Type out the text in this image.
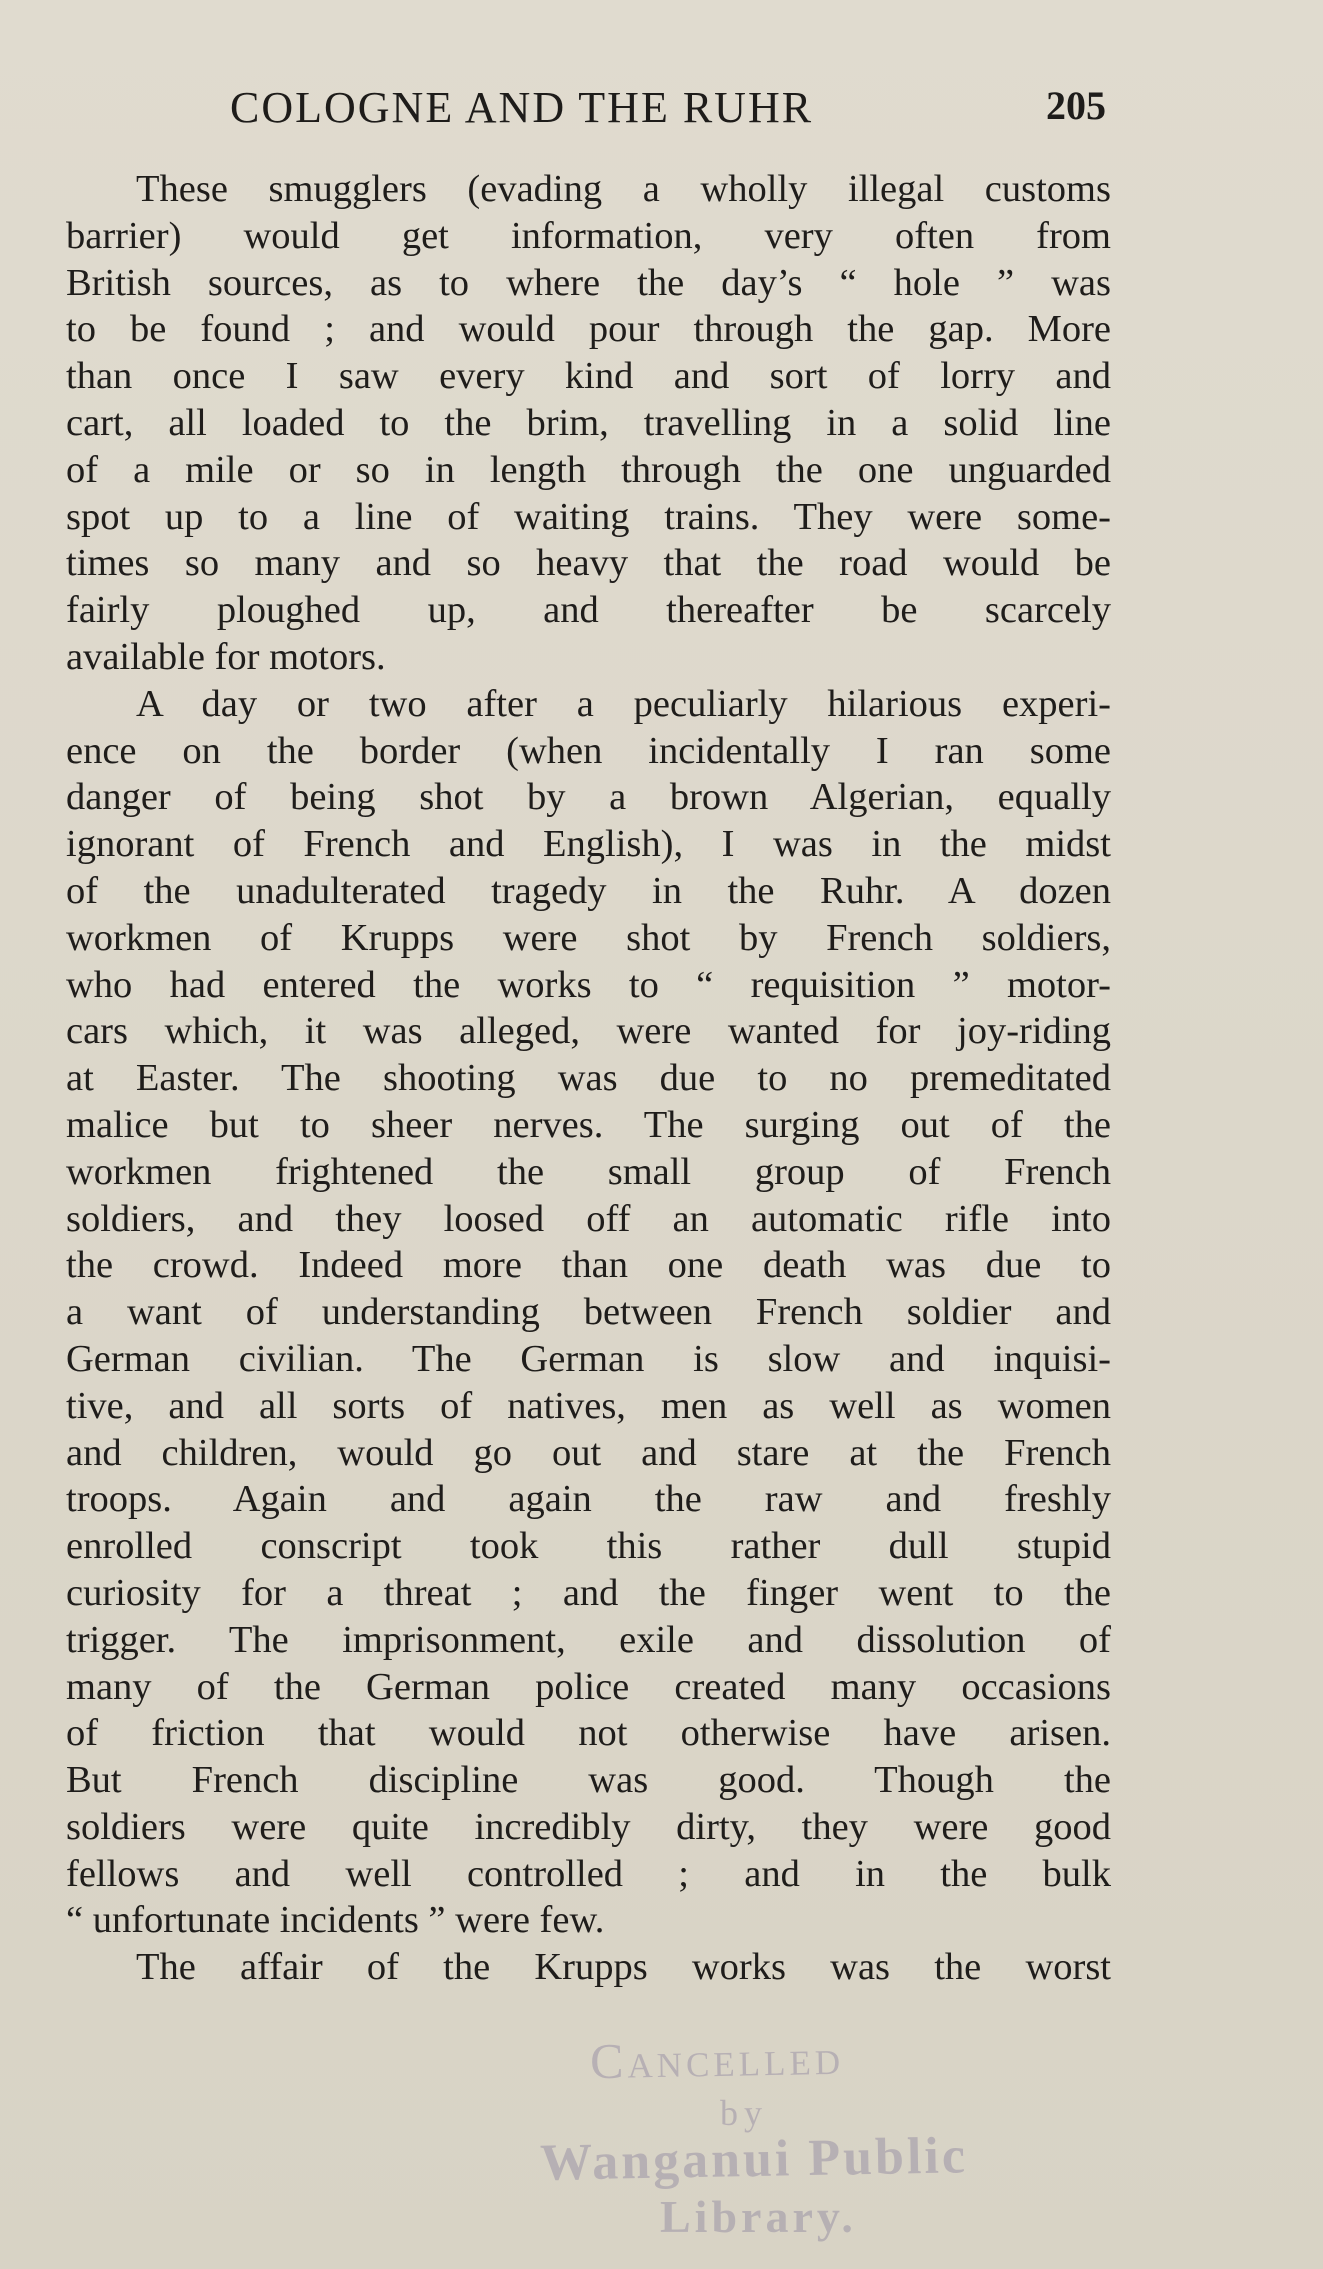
COLOGNE AND THE RUHR	205
These smugglers (evading a wholly illegal customs
barrier) would get information, very often from
British sources, as to where the day’s “ hole ” was
to be found ; and would pour through the gap. More
than once I saw every kind and sort of lorry and
cart, all loaded to the brim, travelling in a solid line
of a mile or so in length through the one unguarded
spot up to a line of waiting trains. They were some-
times so many and so heavy that the road would be
fairly ploughed up, and thereafter be scarcely
available for motors.
A day or two after a peculiarly hilarious experi-
ence on the border (when incidentally I ran some
danger of being shot by a brown Algerian, equally
ignorant of French and English), I was in the midst
of the unadulterated tragedy in the Ruhr. A dozen
workmen of Krupps were shot by French soldiers,
who had entered the works to “ requisition ” motor-
cars which, it was alleged, were wanted for joy-riding
at Easter. The shooting was due to no premeditated
malice but to sheer nerves. The surging out of the
workmen frightened the small group of French
soldiers, and they loosed off an automatic rifle into
the crowd. Indeed more than one death was due to
a want of understanding between French soldier and
German civilian. The German is slow and inquisi-
tive, and all sorts of natives, men as well as women
and children, would go out and stare at the French
troops. Again and again the raw and freshly
enrolled conscript took this rather dull stupid
curiosity for a threat ; and the finger went to the
trigger. The imprisonment, exile and dissolution of
many of the German police created many occasions
of friction that would not otherwise have arisen.
But French discipline was good. Though the
soldiers were quite incredibly dirty, they were good
fellows and well controlled ; and in the bulk
“ unfortunate incidents ” were few.
The affair of the Krupps works was the worst
Cancelled
by
Wanganui Public
Library.
